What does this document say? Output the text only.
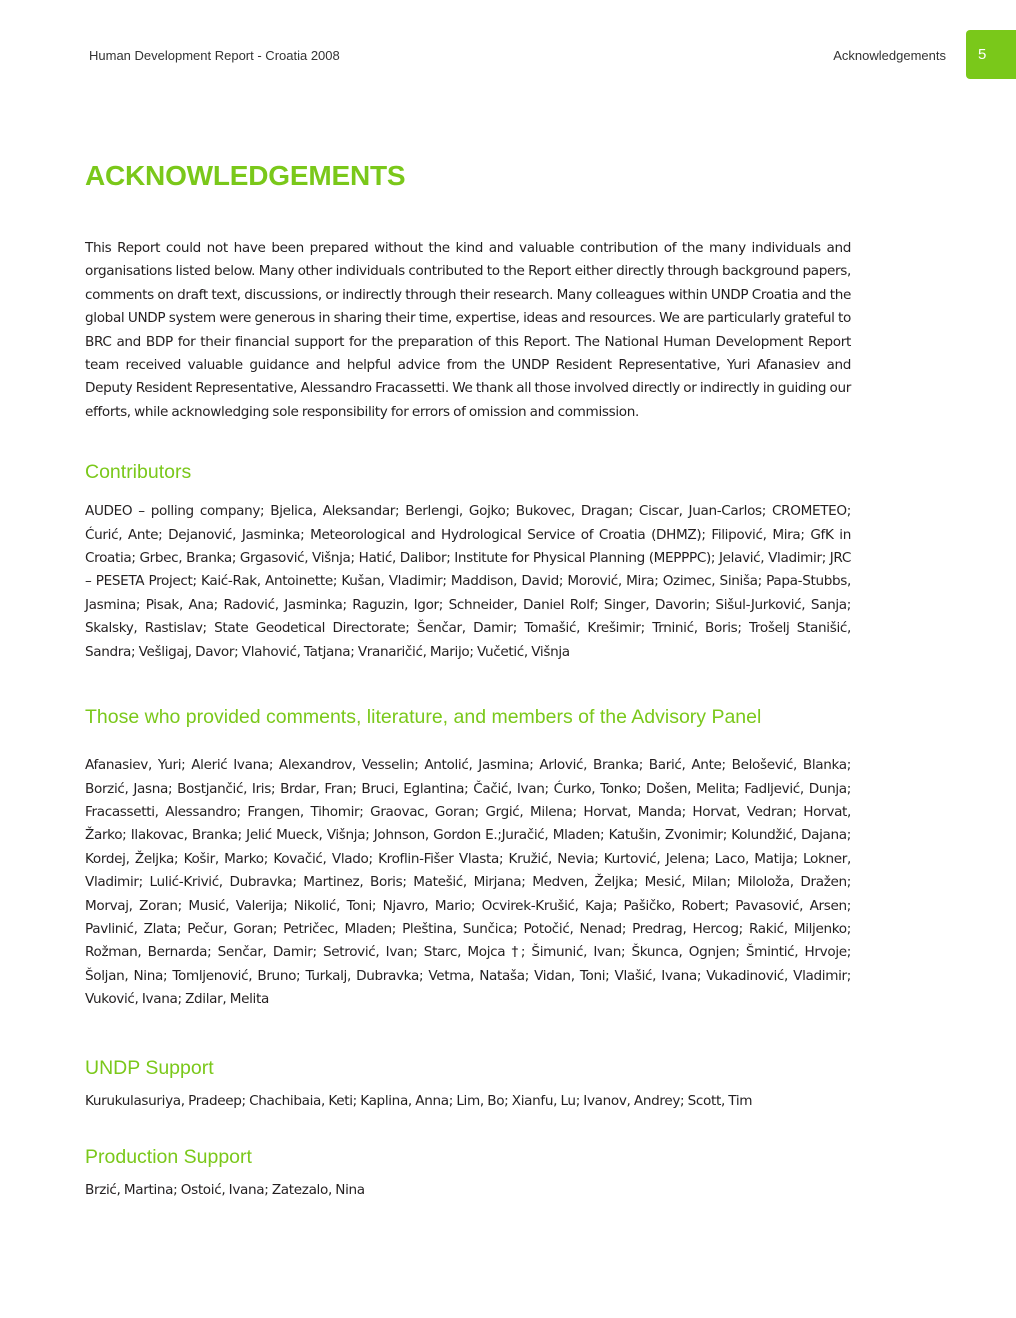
Human Development Report - Croatia 2008	Acknowledgements	5
ACKNOWLEDGEMENTS

This Report could not have been prepared without the kind and valuable contribution of the many individuals and organisations listed below. Many other individuals contributed to the Report either directly through background papers, comments on draft text, discussions, or indirectly through their research. Many colleagues within UNDP Croatia and the global UNDP system were generous in sharing their time, expertise, ideas and resources. We are particularly grateful to BRC and BDP for their financial support for the preparation of this Report. The National Human Development Report team received valuable guidance and helpful advice from the UNDP Resident Representative, Yuri Afanasiev and Deputy Resident Representative, Alessandro Fracassetti. We thank all those involved directly or indirectly in guiding our efforts, while acknowledging sole responsibility for errors of omission and commission.

Contributors

AUDEO – polling company; Bjelica, Aleksandar; Berlengi, Gojko; Bukovec, Dragan; Ciscar, Juan-Carlos; CROMETEO; Ćurić, Ante; Dejanović, Jasminka; Meteorological and Hydrological Service of Croatia (DHMZ); Filipović, Mira; GfK in Croatia; Grbec, Branka; Grgasović, Višnja; Hatić, Dalibor; Institute for Physical Planning (MEPPPC); Jelavić, Vladimir; JRC – PESETA Project; Kaić-Rak, Antoinette; Kušan, Vladimir; Maddison, David; Morović, Mira; Ozimec, Siniša; Papa-Stubbs, Jasmina; Pisak, Ana; Radović, Jasminka; Raguzin, Igor; Schneider, Daniel Rolf; Singer, Davorin; Sišul-Jurković, Sanja; Skalsky, Rastislav; State Geodetical Directorate; Šenčar, Damir; Tomašić, Krešimir; Trninić, Boris; Trošelj Stanišić, Sandra; Vešligaj, Davor; Vlahović, Tatjana; Vranaričić, Marijo; Vučetić, Višnja

Those who provided comments, literature, and members of the Advisory Panel

Afanasiev, Yuri; Alerić Ivana; Alexandrov, Vesselin; Antolić, Jasmina; Arlović, Branka; Barić, Ante; Belošević, Blanka; Borzić, Jasna; Bostjančić, Iris; Brdar, Fran; Bruci, Eglantina; Čačić, Ivan; Ćurko, Tonko; Došen, Melita; Fadljević, Dunja; Fracassetti, Alessandro; Frangen, Tihomir; Graovac, Goran; Grgić, Milena; Horvat, Manda; Horvat, Vedran; Horvat, Žarko; Ilakovac, Branka; Jelić Mueck, Višnja; Johnson, Gordon E.;Juračić, Mladen; Katušin, Zvonimir; Kolundžić, Dajana; Kordej, Željka; Košir, Marko; Kovačić, Vlado; Kroflin-Fišer Vlasta; Kružić, Nevia; Kurtović, Jelena; Laco, Matija; Lokner, Vladimir; Lulić-Krivić, Dubravka; Martinez, Boris; Matešić, Mirjana; Medven, Željka; Mesić, Milan; Miloloža, Dražen; Morvaj, Zoran; Musić, Valerija; Nikolić, Toni; Njavro, Mario; Ocvirek-Krušić, Kaja; Pašičko, Robert; Pavasović, Arsen; Pavlinić, Zlata; Pečur, Goran; Petričec, Mladen; Pleština, Sunčica; Potočić, Nenad; Predrag, Hercog; Rakić, Miljenko; Rožman, Bernarda; Senčar, Damir; Setrović, Ivan; Starc, Mojca †; Šimunić, Ivan; Škunca, Ognjen; Šmintić, Hrvoje; Šoljan, Nina; Tomljenović, Bruno; Turkalj, Dubravka; Vetma, Nataša; Vidan, Toni; Vlašić, Ivana; Vukadinović, Vladimir; Vuković, Ivana; Zdilar, Melita

UNDP Support

Kurukulasuriya, Pradeep; Chachibaia, Keti; Kaplina, Anna; Lim, Bo; Xianfu, Lu; Ivanov, Andrey; Scott, Tim

Production Support

Brzić, Martina; Ostoić, Ivana; Zatezalo, Nina
